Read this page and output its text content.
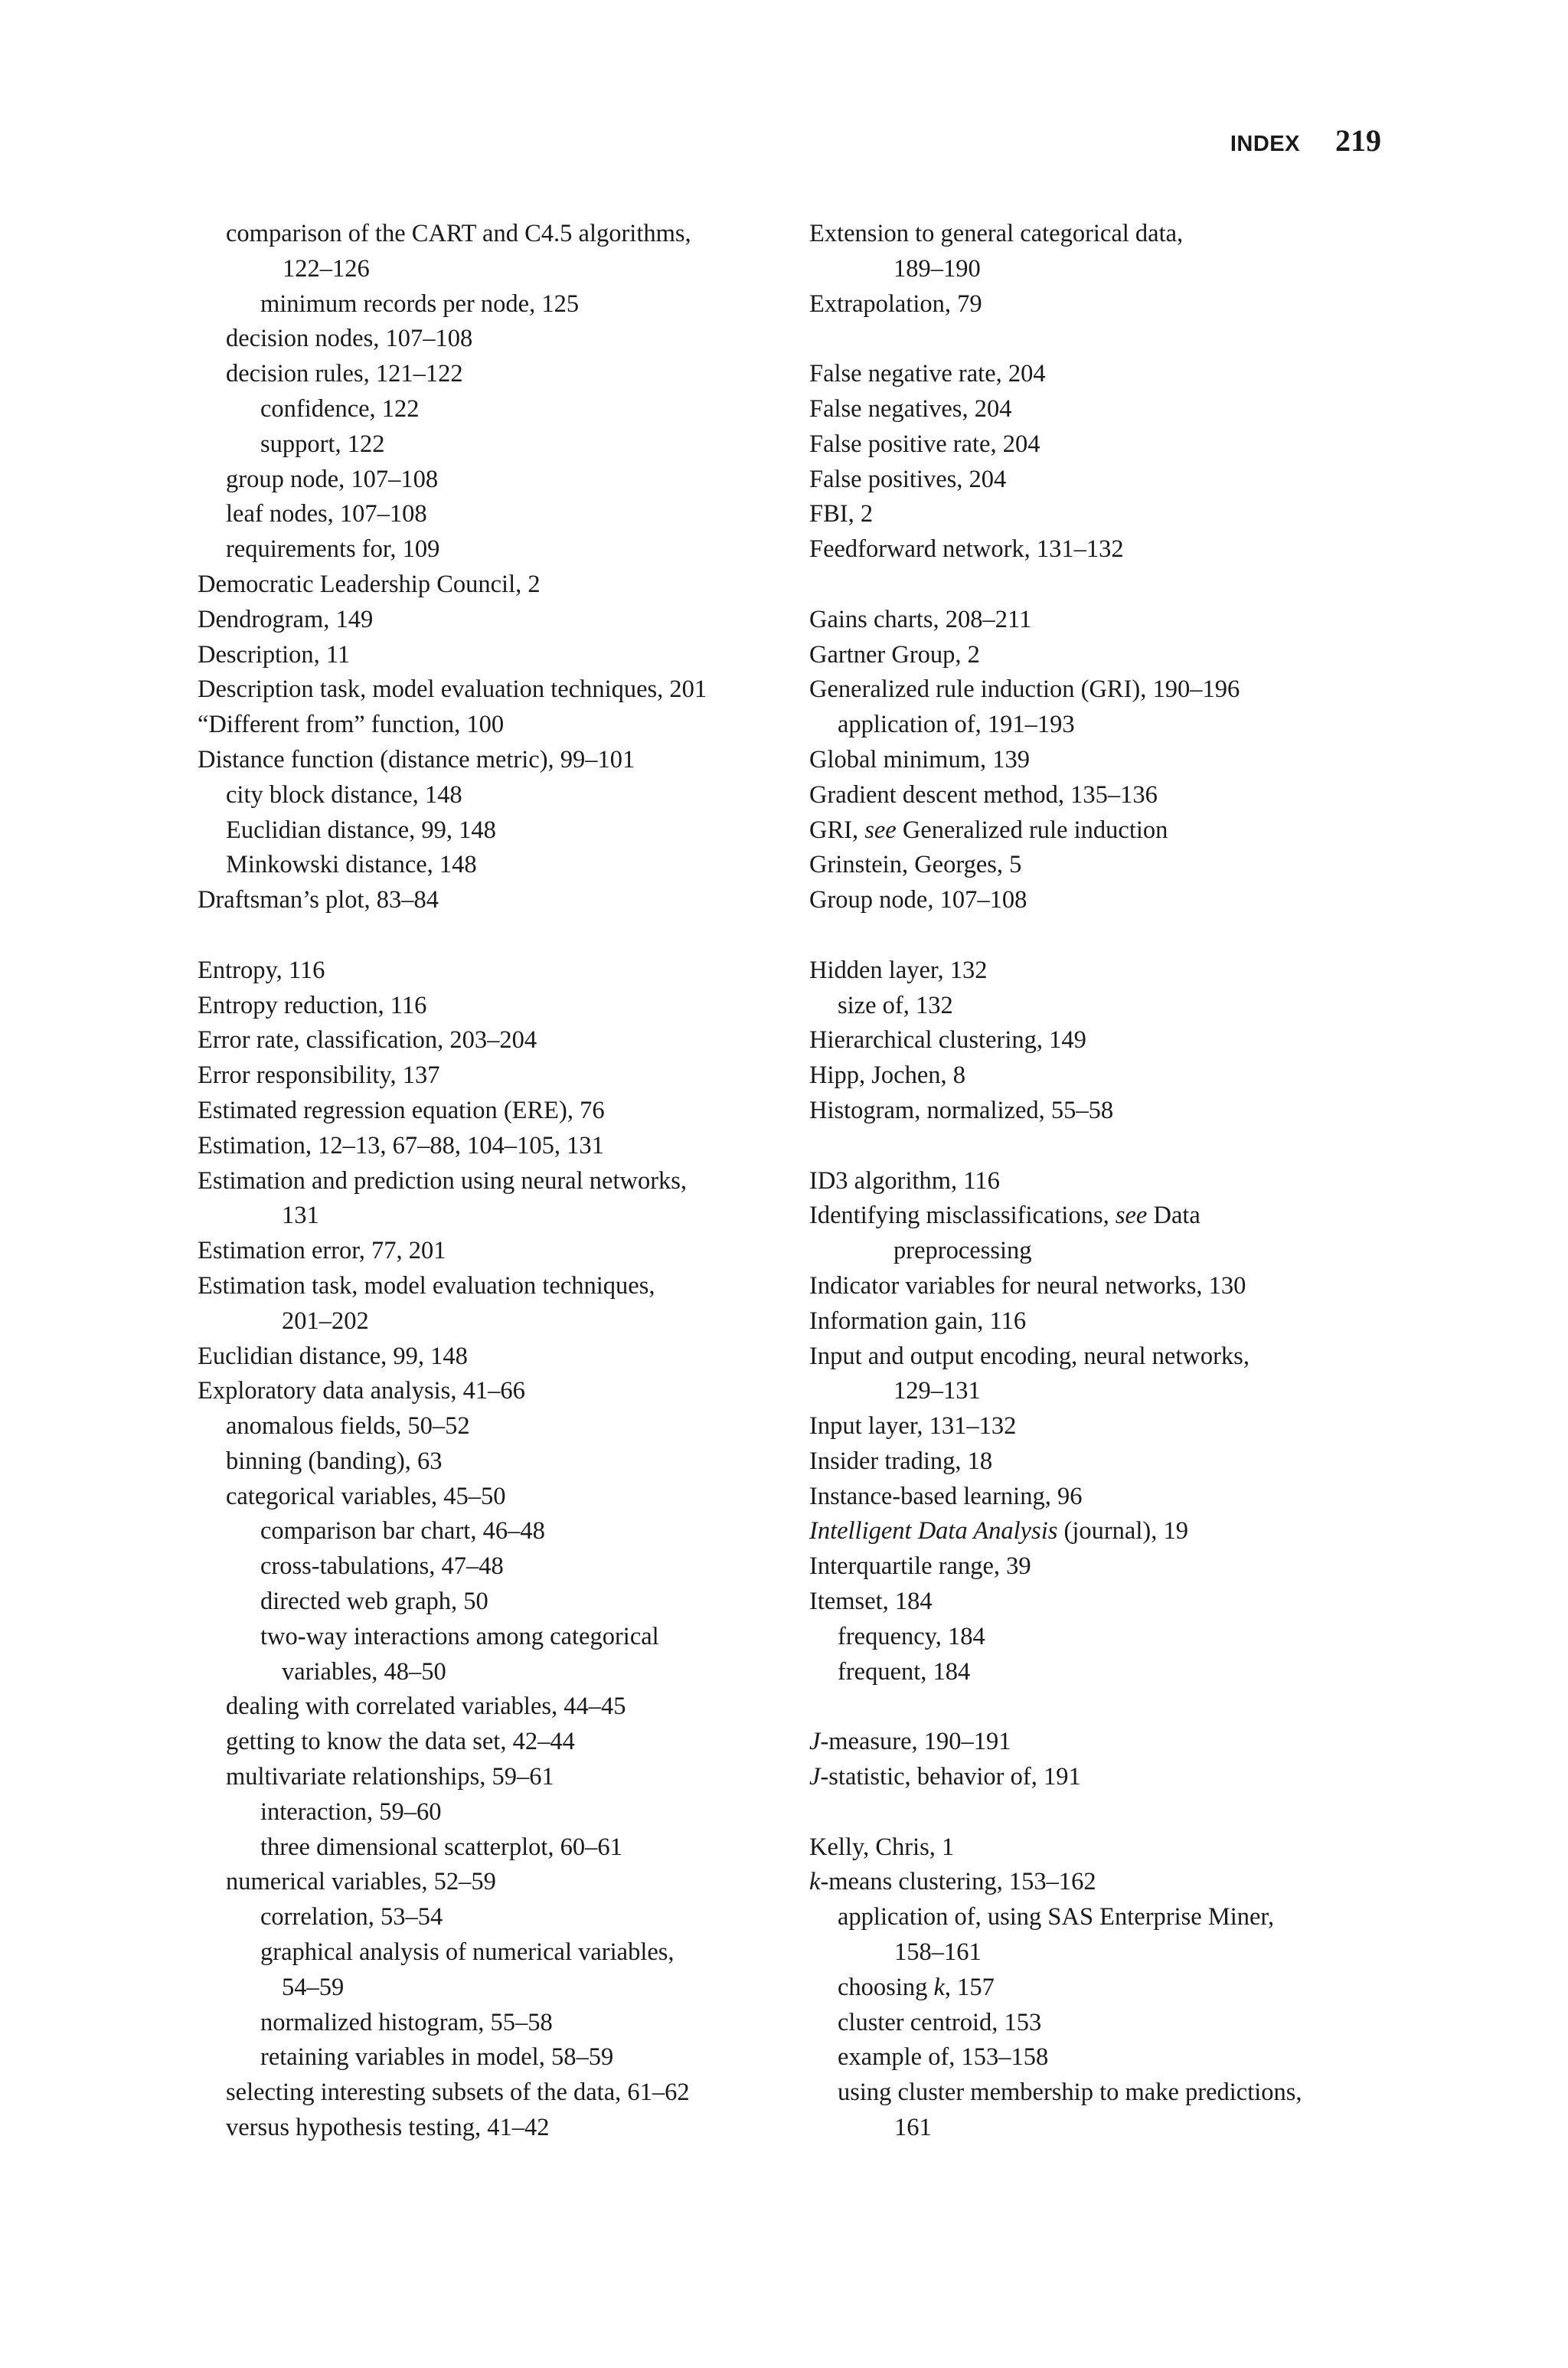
INDEX 219
comparison of the CART and C4.5 algorithms,
122–126
minimum records per node, 125
decision nodes, 107–108
decision rules, 121–122
confidence, 122
support, 122
group node, 107–108
leaf nodes, 107–108
requirements for, 109
Democratic Leadership Council, 2
Dendrogram, 149
Description, 11
Description task, model evaluation techniques, 201
“Different from” function, 100
Distance function (distance metric), 99–101
city block distance, 148
Euclidian distance, 99, 148
Minkowski distance, 148
Draftsman’s plot, 83–84
Entropy, 116
Entropy reduction, 116
Error rate, classification, 203–204
Error responsibility, 137
Estimated regression equation (ERE), 76
Estimation, 12–13, 67–88, 104–105, 131
Estimation and prediction using neural networks,
131
Estimation error, 77, 201
Estimation task, model evaluation techniques,
201–202
Euclidian distance, 99, 148
Exploratory data analysis, 41–66
anomalous fields, 50–52
binning (banding), 63
categorical variables, 45–50
comparison bar chart, 46–48
cross-tabulations, 47–48
directed web graph, 50
two-way interactions among categorical
variables, 48–50
dealing with correlated variables, 44–45
getting to know the data set, 42–44
multivariate relationships, 59–61
interaction, 59–60
three dimensional scatterplot, 60–61
numerical variables, 52–59
correlation, 53–54
graphical analysis of numerical variables,
54–59
normalized histogram, 55–58
retaining variables in model, 58–59
selecting interesting subsets of the data, 61–62
versus hypothesis testing, 41–42
Extension to general categorical data,
189–190
Extrapolation, 79
False negative rate, 204
False negatives, 204
False positive rate, 204
False positives, 204
FBI, 2
Feedforward network, 131–132
Gains charts, 208–211
Gartner Group, 2
Generalized rule induction (GRI), 190–196
application of, 191–193
Global minimum, 139
Gradient descent method, 135–136
GRI, see Generalized rule induction
Grinstein, Georges, 5
Group node, 107–108
Hidden layer, 132
size of, 132
Hierarchical clustering, 149
Hipp, Jochen, 8
Histogram, normalized, 55–58
ID3 algorithm, 116
Identifying misclassifications, see Data
preprocessing
Indicator variables for neural networks, 130
Information gain, 116
Input and output encoding, neural networks,
129–131
Input layer, 131–132
Insider trading, 18
Instance-based learning, 96
Intelligent Data Analysis (journal), 19
Interquartile range, 39
Itemset, 184
frequency, 184
frequent, 184
J-measure, 190–191
J-statistic, behavior of, 191
Kelly, Chris, 1
k-means clustering, 153–162
application of, using SAS Enterprise Miner,
158–161
choosing k, 157
cluster centroid, 153
example of, 153–158
using cluster membership to make predictions,
161
